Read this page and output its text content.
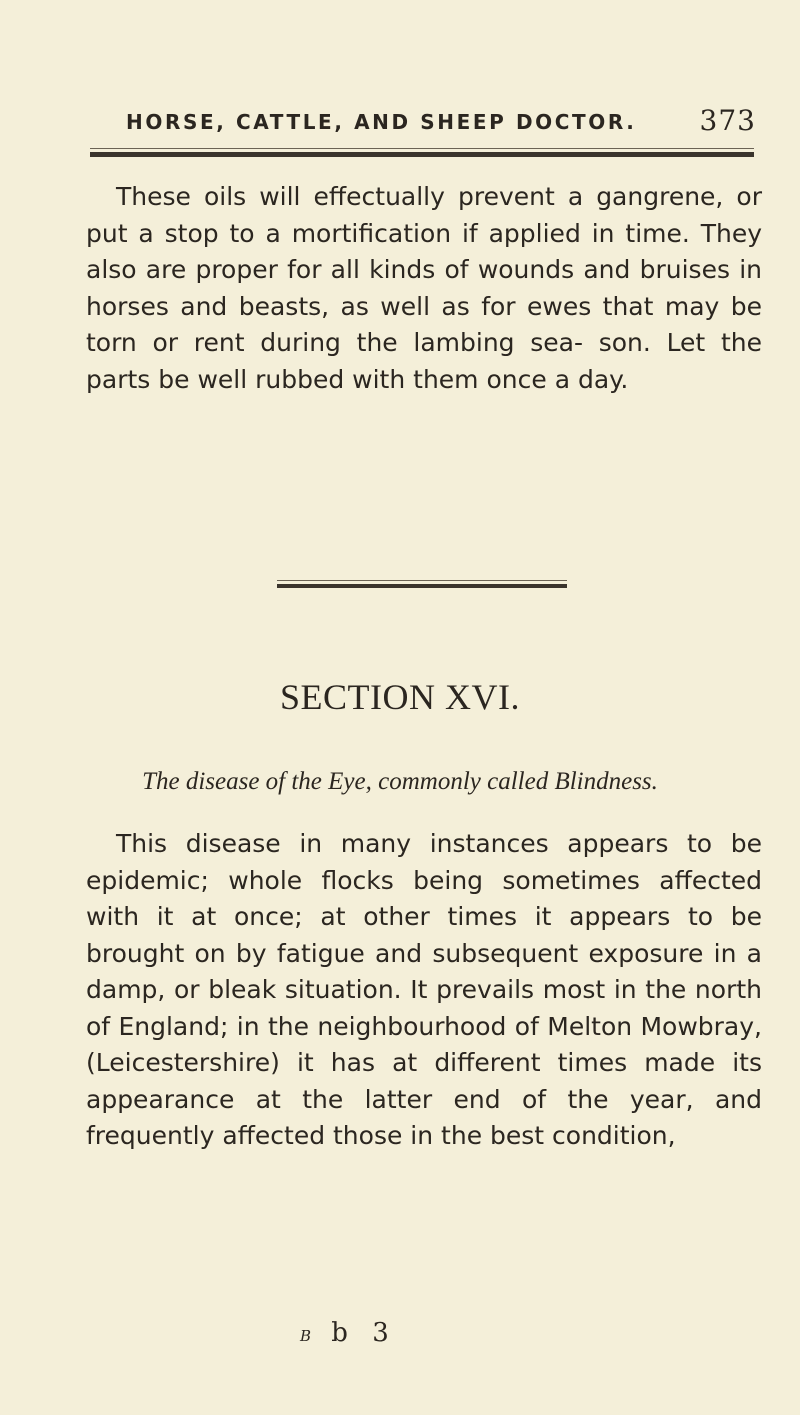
HORSE, CATTLE, AND SHEEP DOCTOR. 373

These oils will effectually prevent a gangrene, or put a stop to a mortification if applied in time. They also are proper for all kinds of wounds and bruises in horses and beasts, as well as for ewes that may be torn or rent during the lambing sea- son. Let the parts be well rubbed with them once a day.

SECTION XVI.

The disease of the Eye, commonly called Blindness.

This disease in many instances appears to be epidemic; whole flocks being sometimes affected with it at once; at other times it appears to be brought on by fatigue and subsequent exposure in a damp, or bleak situation. It prevails most in the north of England; in the neighbourhood of Melton Mowbray, (Leicestershire) it has at different times made its appearance at the latter end of the year, and frequently affected those in the best condition,

B b 3
